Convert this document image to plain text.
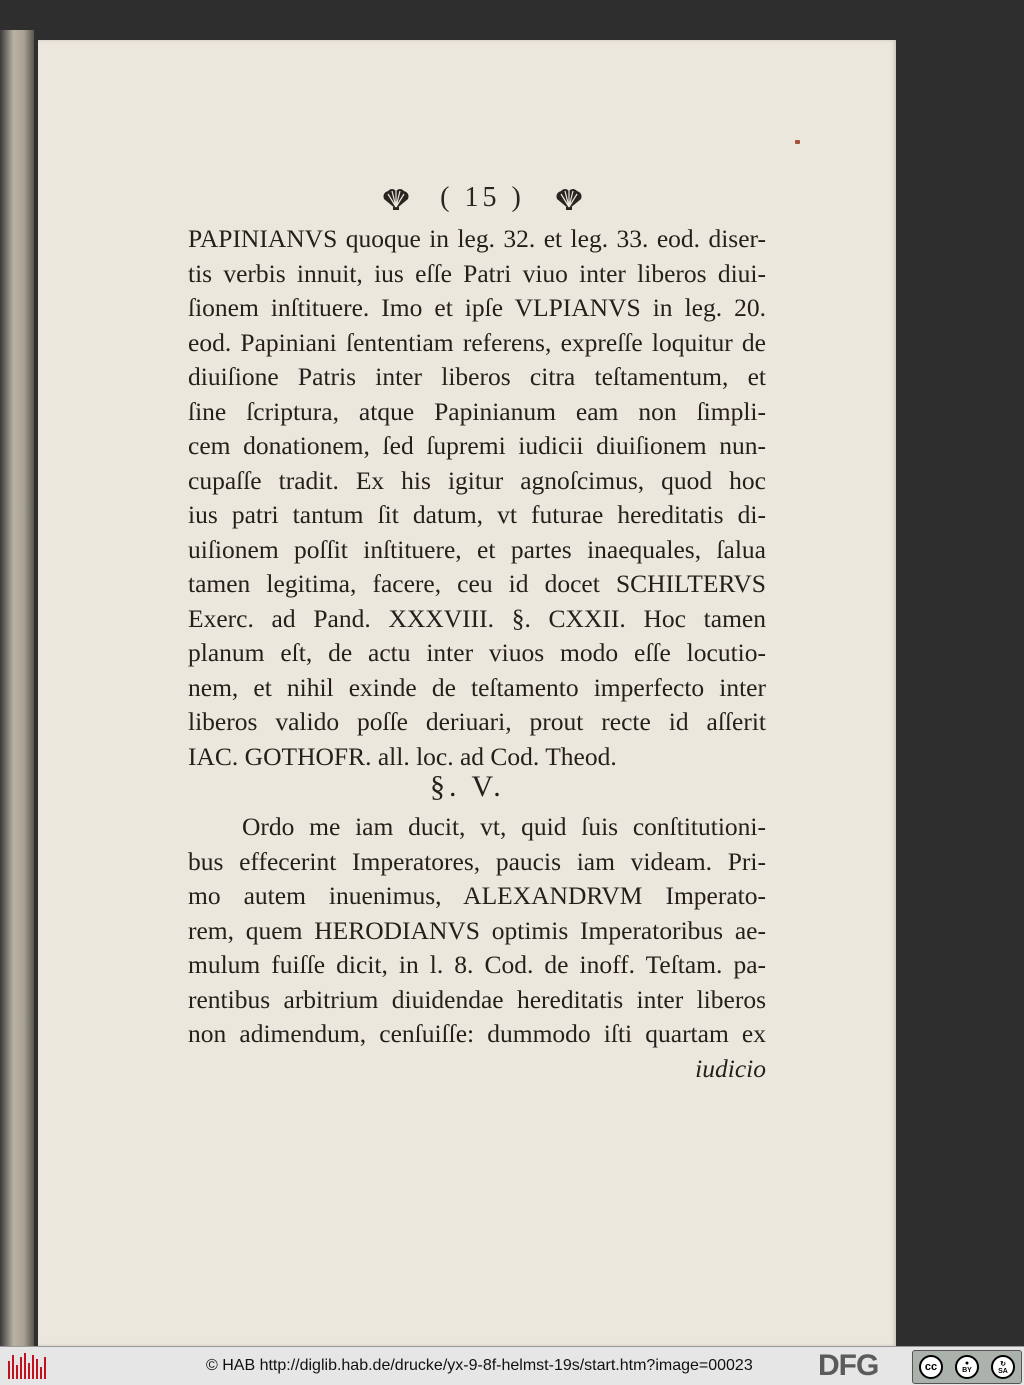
( 15 )
PAPINIANVS quoque in leg. 32. et leg. 33. eod. diser-
tis verbis innuit, ius eſſe Patri viuo inter liberos diui-
ſionem inſtituere. Imo et ipſe VLPIANVS in leg. 20.
eod. Papiniani ſententiam referens, expreſſe loquitur de
diuiſione Patris inter liberos citra teſtamentum, et
ſine ſcriptura, atque Papinianum eam non ſimpli-
cem donationem, ſed ſupremi iudicii diuiſionem nun-
cupaſſe tradit. Ex his igitur agnoſcimus, quod hoc
ius patri tantum ſit datum, vt futurae hereditatis di-
uiſionem poſſit inſtituere, et partes inaequales, ſalua
tamen legitima, facere, ceu id docet SCHILTERVS
Exerc. ad Pand. XXXVIII. §. CXXII. Hoc tamen
planum eſt, de actu inter viuos modo eſſe locutio-
nem, et nihil exinde de teſtamento imperfecto inter
liberos valido poſſe deriuari, prout recte id aſſerit
IAC. GOTHOFR. all. loc. ad Cod. Theod.
§. V.
Ordo me iam ducit, vt, quid ſuis conſtitutioni-
bus effecerint Imperatores, paucis iam videam. Pri-
mo autem inuenimus, ALEXANDRVM Imperato-
rem, quem HERODIANVS optimis Imperatoribus ae-
mulum fuiſſe dicit, in l. 8. Cod. de inoff. Teſtam. pa-
rentibus arbitrium diuidendae hereditatis inter liberos
non adimendum, cenſuiſſe: dummodo iſti quartam ex
iudicio
© HAB http://diglib.hab.de/drucke/yx-9-8f-helmst-19s/start.htm?image=00023 DFG	cc	●
BY
↻
SA
